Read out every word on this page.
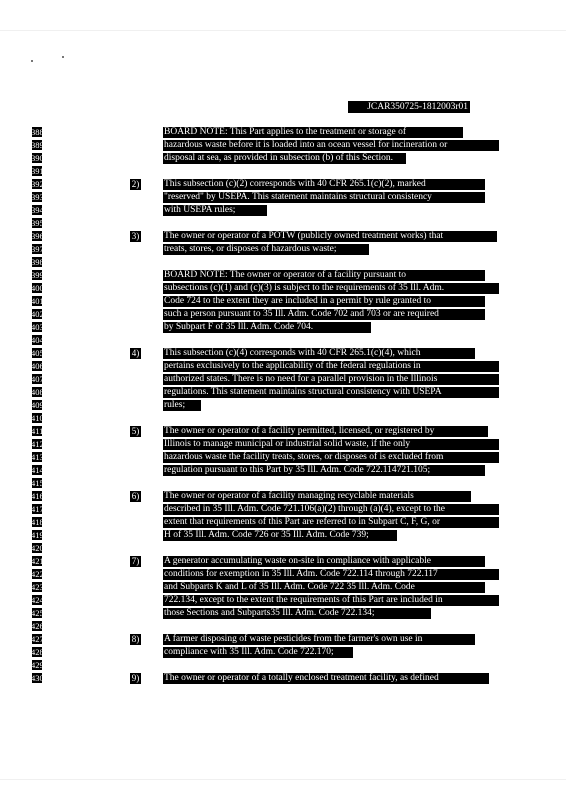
JCAR350725-1812003r01
388
389
390
391
392
393
394
395
396
397
398
399
400
401
402
403
404
405
406
407
408
409
410
411
412
413
414
415
416
417
418
419
420
421
422
423
424
425
426
427
428
429
430
2)
3)
4)
5)
6)
7)
8)
9)
BOARD NOTE: This Part applies to the treatment or storage of
hazardous waste before it is loaded into an ocean vessel for incineration or
disposal at sea, as provided in subsection (b) of this Section.
This subsection (c)(2) corresponds with 40 CFR 265.1(c)(2), marked
"reserved" by USEPA. This statement maintains structural consistency
with USEPA rules;
The owner or operator of a POTW (publicly owned treatment works) that
treats, stores, or disposes of hazardous waste;
BOARD NOTE: The owner or operator of a facility pursuant to
subsections (c)(1) and (c)(3) is subject to the requirements of 35 Ill. Adm.
Code 724 to the extent they are included in a permit by rule granted to
such a person pursuant to 35 Ill. Adm. Code 702 and 703 or are required
by Subpart F of 35 Ill. Adm. Code 704.
This subsection (c)(4) corresponds with 40 CFR 265.1(c)(4), which
pertains exclusively to the applicability of the federal regulations in
authorized states. There is no need for a parallel provision in the Illinois
regulations. This statement maintains structural consistency with USEPA
rules;
The owner or operator of a facility permitted, licensed, or registered by
Illinois to manage municipal or industrial solid waste, if the only
hazardous waste the facility treats, stores, or disposes of is excluded from
regulation pursuant to this Part by 35 Ill. Adm. Code 722.114721.105;
The owner or operator of a facility managing recyclable materials
described in 35 Ill. Adm. Code 721.106(a)(2) through (a)(4), except to the
extent that requirements of this Part are referred to in Subpart C, F, G, or
H of 35 Ill. Adm. Code 726 or 35 Ill. Adm. Code 739;
A generator accumulating waste on-site in compliance with applicable
conditions for exemption in 35 Ill. Adm. Code 722.114 through 722.117
and Subparts K and L of 35 Ill. Adm. Code 722 35 Ill. Adm. Code
722.134, except to the extent the requirements of this Part are included in
those Sections and Subparts35 Ill. Adm. Code 722.134;
A farmer disposing of waste pesticides from the farmer's own use in
compliance with 35 Ill. Adm. Code 722.170;
The owner or operator of a totally enclosed treatment facility, as defined
